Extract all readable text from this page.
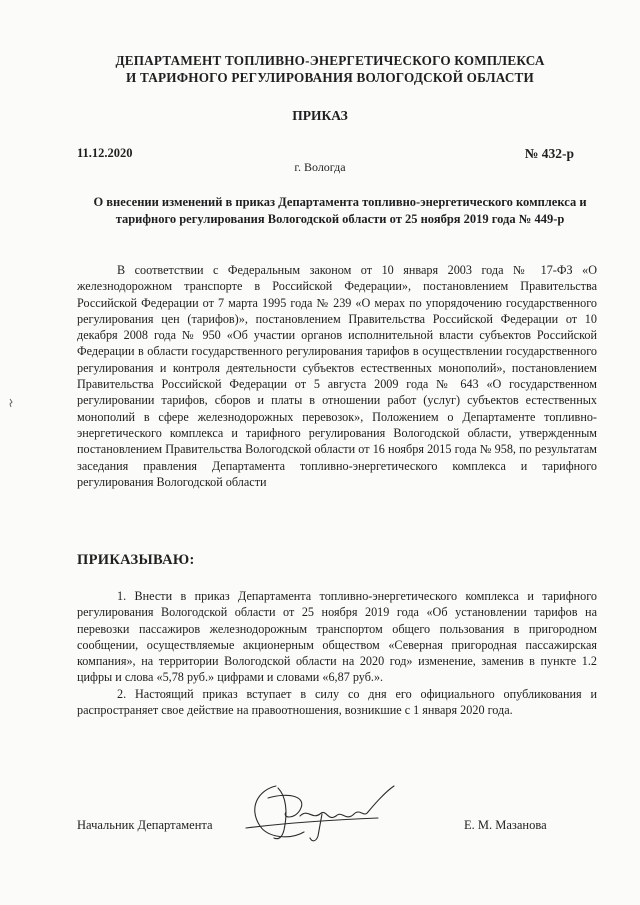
ДЕПАРТАМЕНТ ТОПЛИВНО-ЭНЕРГЕТИЧЕСКОГО КОМПЛЕКСА
И ТАРИФНОГО РЕГУЛИРОВАНИЯ ВОЛОГОДСКОЙ ОБЛАСТИ
ПРИКАЗ
11.12.2020	№ 432-р
г. Вологда
О внесении изменений в приказ Департамента топливно-энергетического комплекса и тарифного регулирования Вологодской области от 25 ноября 2019 года № 449-р

В соответствии с Федеральным законом от 10 января 2003 года № 17-ФЗ «О железнодорожном транспорте в Российской Федерации», постановлением Правительства Российской Федерации от 7 марта 1995 года № 239 «О мерах по упорядочению государственного регулирования цен (тарифов)», постановлением Правительства Российской Федерации от 10 декабря 2008 года № 950 «Об участии органов исполнительной власти субъектов Российской Федерации в области государственного регулирования тарифов в осуществлении государственного регулирования и контроля деятельности субъектов естественных монополий», постановлением Правительства Российской Федерации от 5 августа 2009 года № 643 «О государственном регулировании тарифов, сборов и платы в отношении работ (услуг) субъектов естественных монополий в сфере железнодорожных перевозок», Положением о Департаменте топливно-энергетического комплекса и тарифного регулирования Вологодской области, утвержденным постановлением Правительства Вологодской области от 16 ноября 2015 года № 958, по результатам заседания правления Департамента топливно-энергетического комплекса и тарифного регулирования Вологодской области

ПРИКАЗЫВАЮ:

1. Внести в приказ Департамента топливно-энергетического комплекса и тарифного регулирования Вологодской области от 25 ноября 2019 года «Об установлении тарифов на перевозки пассажиров железнодорожным транспортом общего пользования в пригородном сообщении, осуществляемые акционерным обществом «Северная пригородная пассажирская компания», на территории Вологодской области на 2020 год» изменение, заменив в пункте 1.2 цифры и слова «5,78 руб.» цифрами и словами «6,87 руб.».

2. Настоящий приказ вступает в силу со дня его официального опубликования и распространяет свое действие на правоотношения, возникшие с 1 января 2020 года.

Начальник Департамента	Е. М. Мазанова
